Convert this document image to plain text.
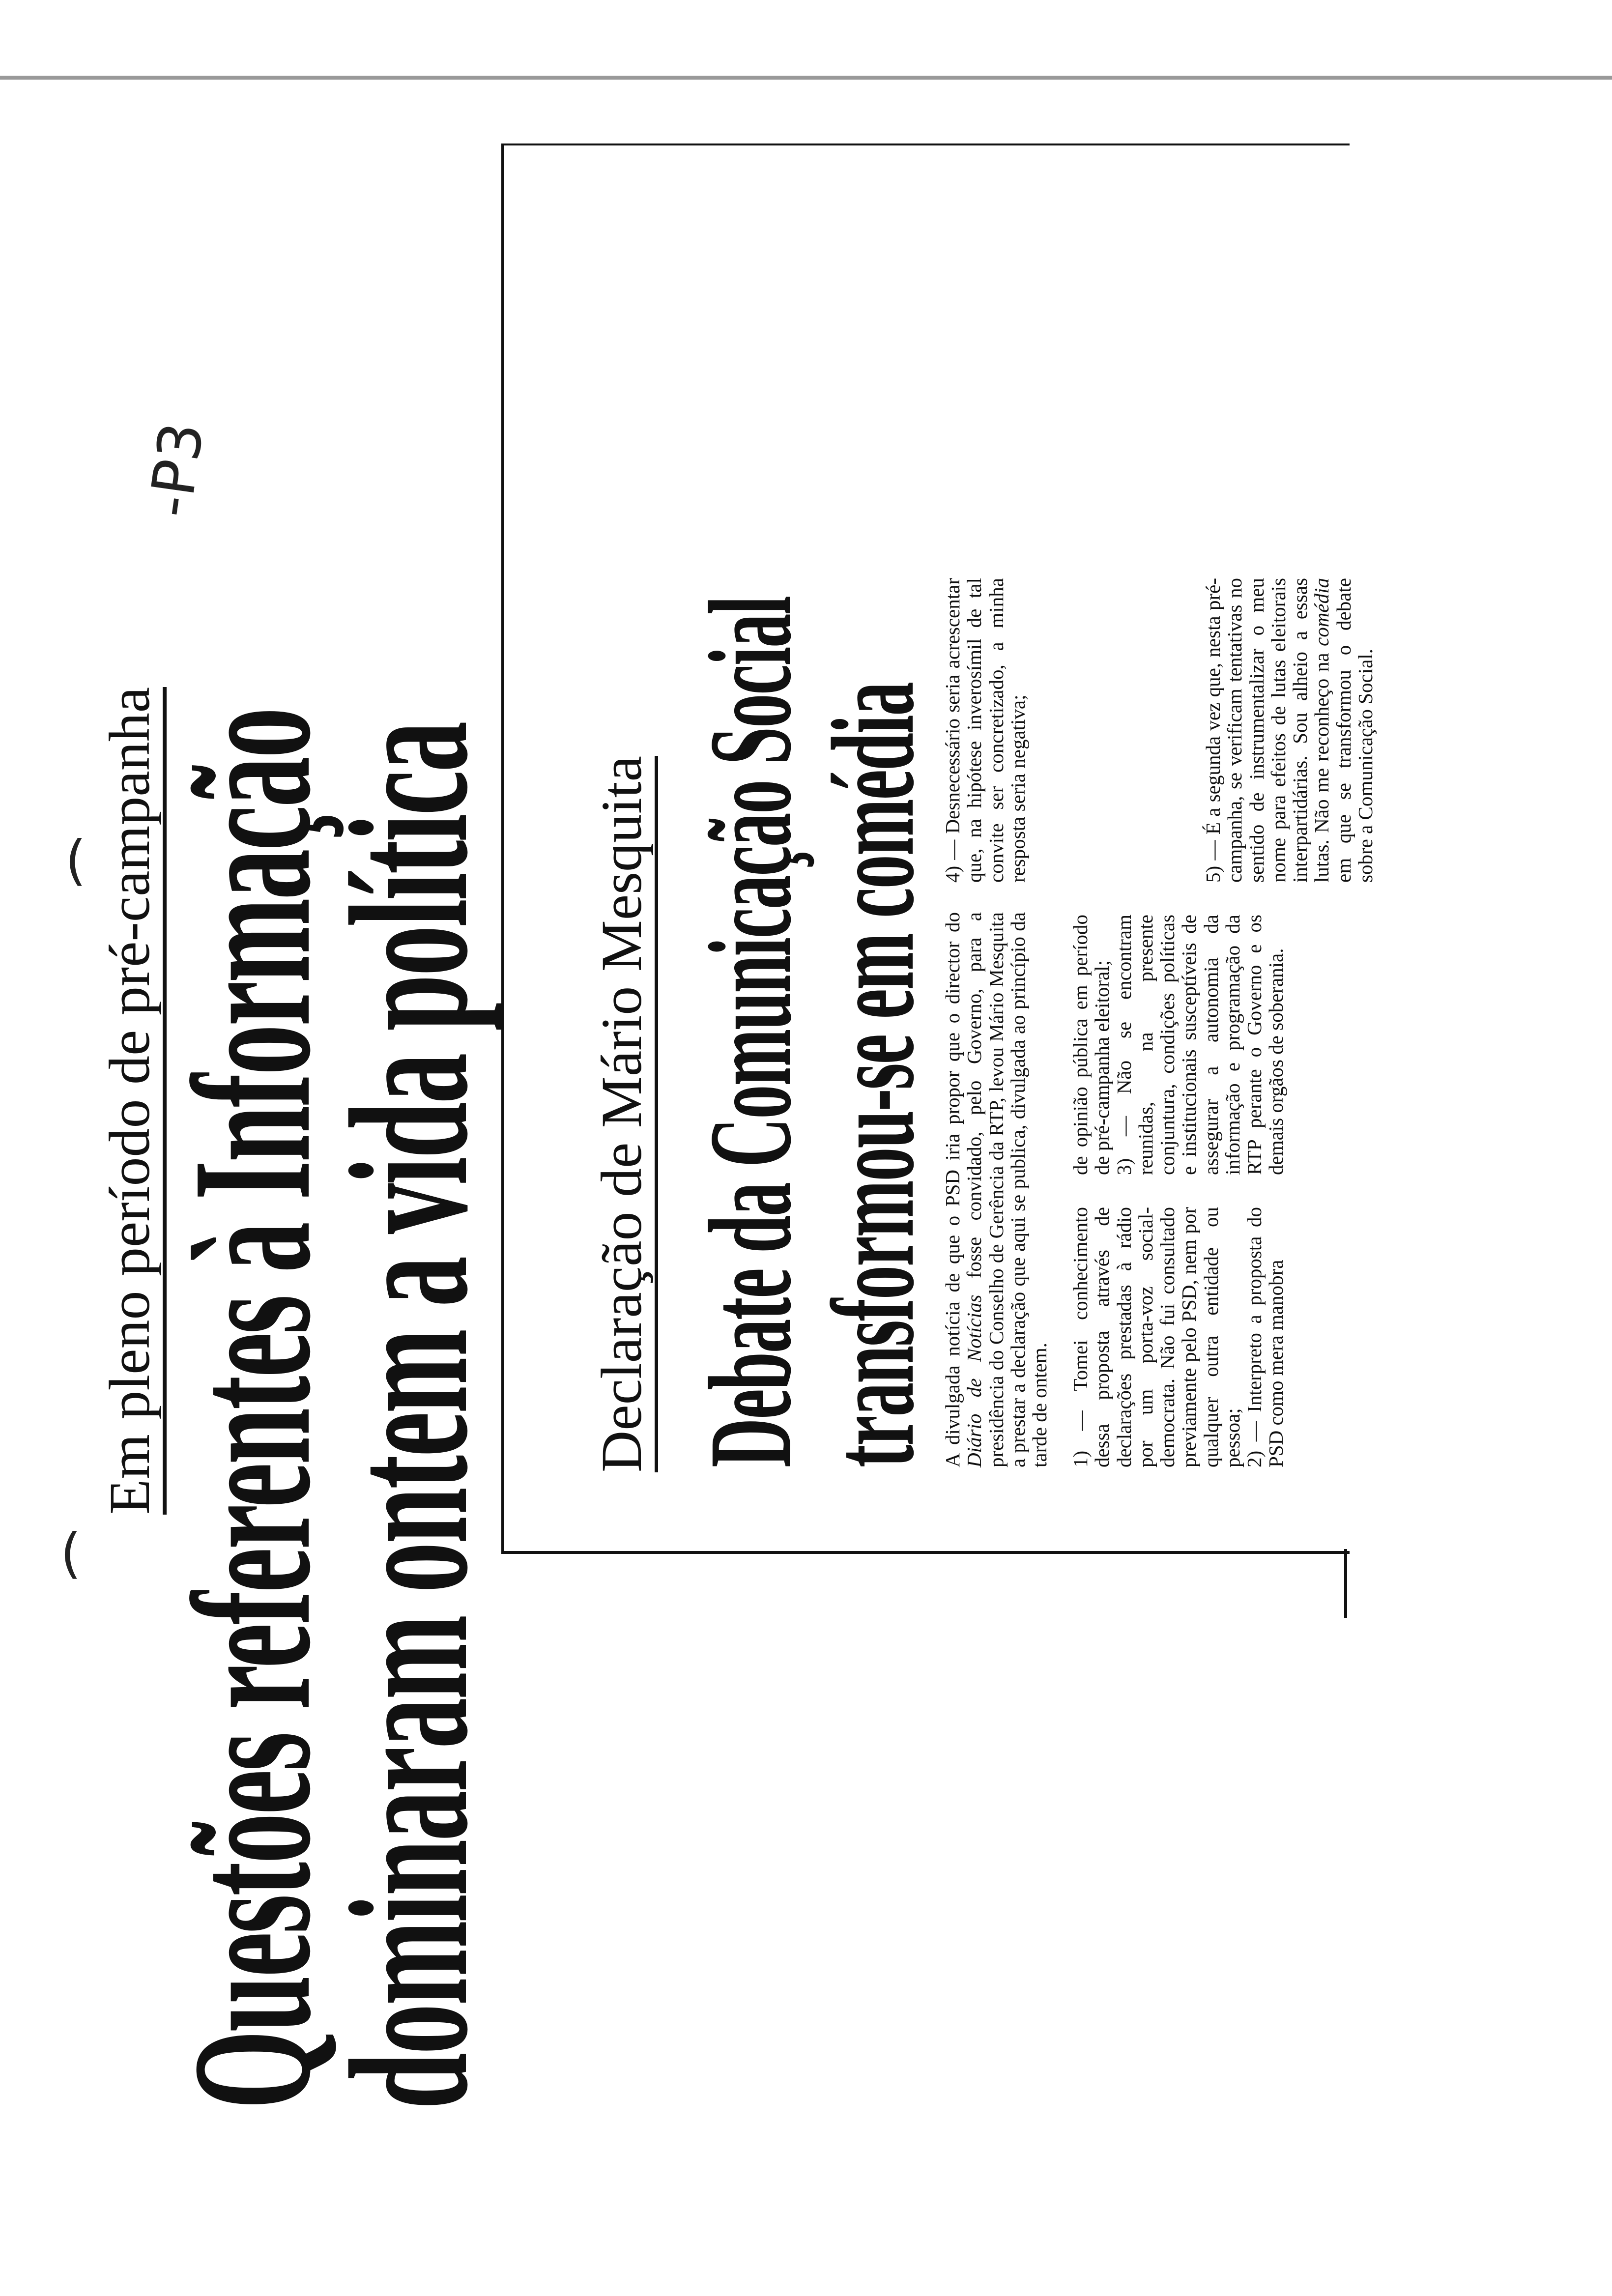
Em pleno período de pré-campanha
Questões referentes à Informação
dominaram ontem a vida política
-P3
(
(	Declaração de Mário Mesquita Debate da Comunicação Social
transformou-se em comédia A divulgada notícia de que o PSD iria propor que o director do Diário de Notícias fosse convidado, pelo Governo, para a presidência do Conselho de Gerência da RTP, levou Mário Mesquita a prestar a declaração que aqui se publica, divulgada ao princípio da tarde de ontem. 1) — Tomei conhecimento dessa proposta através de declarações prestadas à rádio por um porta-voz social-democrata. Não fui consultado previamente pelo PSD, nem por qualquer outra entidade ou pessoa;

2) — Interpreto a proposta do PSD como mera manobra

de opinião pública em período de pré-campanha eleitoral;

3) — Não se encontram reunidas, na presente conjuntura, condições políticas e institucionais susceptíveis de assegurar a autonomia da informação e programação da RTP perante o Governo e os demais orgãos de soberania.

4) — Desnecessário seria acrescentar que, na hipótese inverosímil de tal convite ser concretizado, a minha resposta seria negativa;	5) — É a segunda vez que, nesta pré-campanha, se verificam tentativas no sentido de instrumentalizar o meu nome para efeitos de lutas eleitorais interpartidárias. Sou alheio a essas lutas. Não me reconheço na comédia em que se transformou o debate sobre a Comunicação Social.
